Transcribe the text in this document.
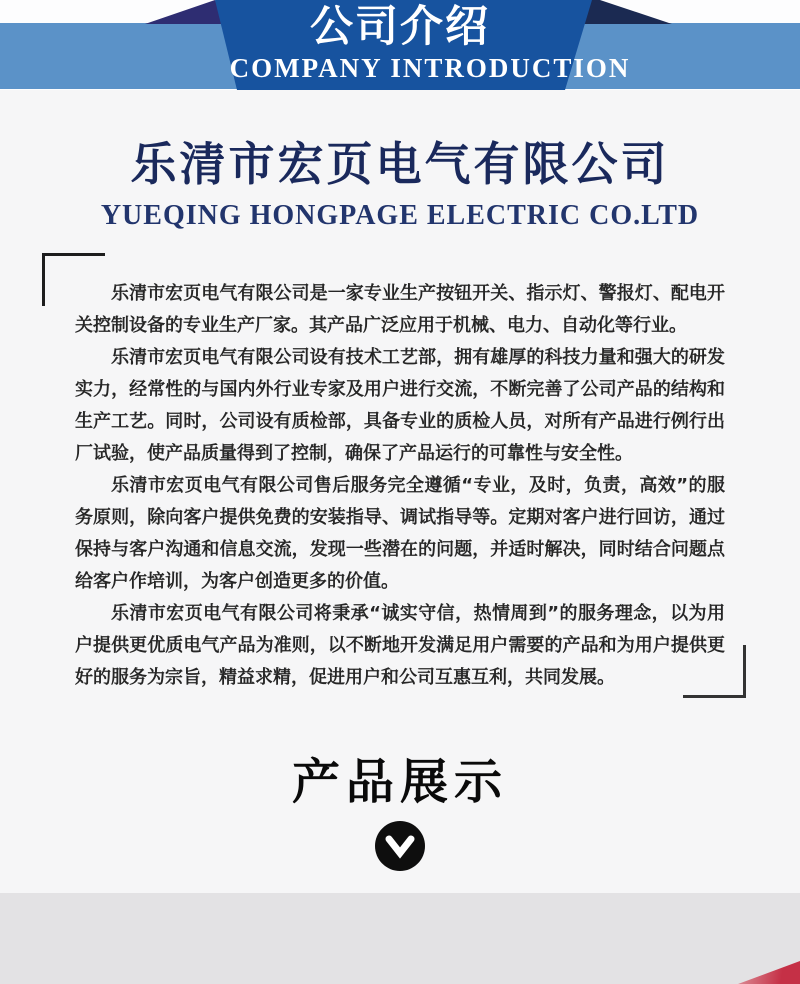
公司介绍
COMPANY INTRODUCTION
乐清市宏页电气有限公司
YUEQING HONGPAGE ELECTRIC CO.LTD

乐清市宏页电气有限公司是一家专业生产按钮开关、指示灯、警报灯、配电开关控制设备的专业生产厂家。其产品广泛应用于机械、电力、自动化等行业。

乐清市宏页电气有限公司设有技术工艺部，拥有雄厚的科技力量和强大的研发实力，经常性的与国内外行业专家及用户进行交流，不断完善了公司产品的结构和生产工艺。同时，公司设有质检部，具备专业的质检人员，对所有产品进行例行出厂试验，使产品质量得到了控制，确保了产品运行的可靠性与安全性。

乐清市宏页电气有限公司售后服务完全遵循“专业，及时，负责，高效”的服务原则，除向客户提供免费的安装指导、调试指导等。定期对客户进行回访，通过保持与客户沟通和信息交流，发现一些潜在的问题，并适时解决，同时结合问题点给客户作培训，为客户创造更多的价值。

乐清市宏页电气有限公司将秉承“诚实守信，热情周到”的服务理念，以为用户提供更优质电气产品为准则，以不断地开发满足用户需要的产品和为用户提供更好的服务为宗旨，精益求精，促进用户和公司互惠互利，共同发展。

产品展示
